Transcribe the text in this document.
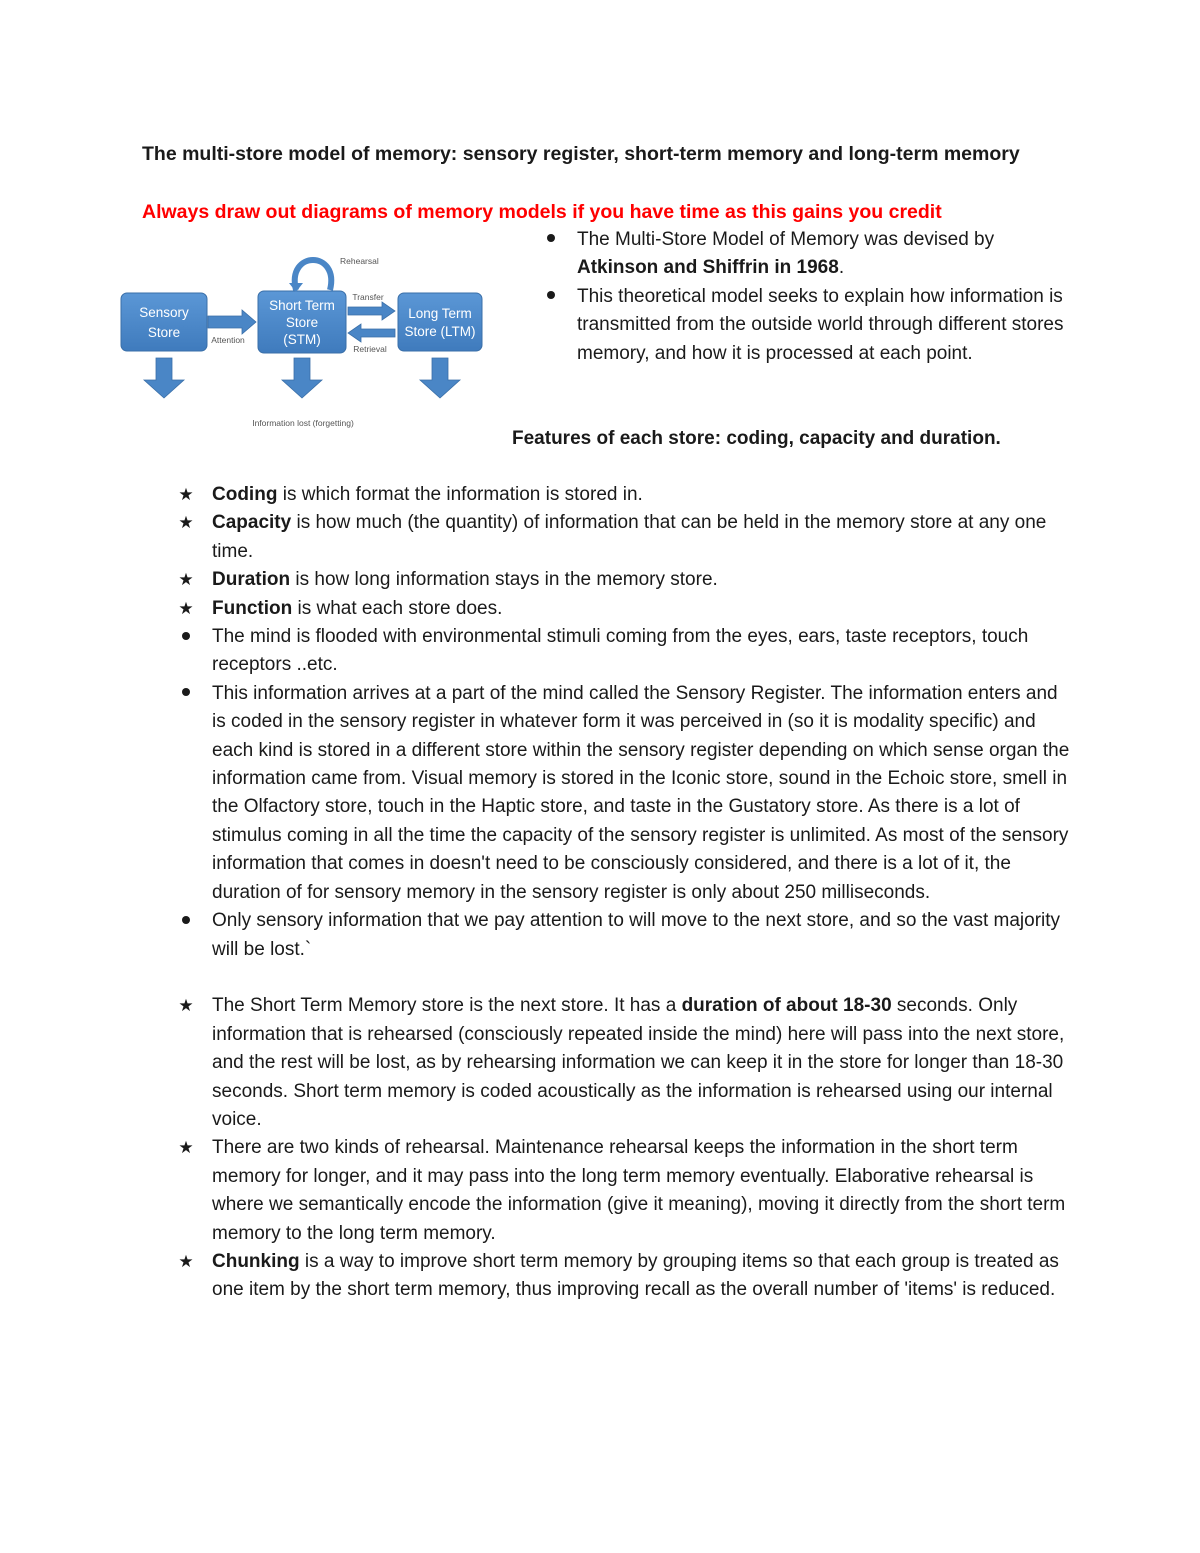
The multi-store model of memory: sensory register, short-term memory and long-term memory

Always draw out diagrams of memory models if you have time as this gains you credit

Sensory
Store
Short Term
Store
(STM)
Long Term
Store (LTM)
Attention
Transfer
Retrieval
Rehearsal
Information lost (forgetting)
The Multi-Store Model of Memory was devised by Atkinson and Shiffrin in 1968.
This theoretical model seeks to explain how information is transmitted from the outside world through different stores memory, and how it is processed at each point.

Features of each store: coding, capacity and duration.

★ Coding is which format the information is stored in.
★ Capacity is how much (the quantity) of information that can be held in the memory store at any one time.
★ Duration is how long information stays in the memory store.
★ Function is what each store does.
The mind is flooded with environmental stimuli coming from the eyes, ears, taste receptors, touch receptors ..etc.
This information arrives at a part of the mind called the Sensory Register. The information enters and is coded in the sensory register in whatever form it was perceived in (so it is modality specific) and each kind is stored in a different store within the sensory register depending on which sense organ the information came from. Visual memory is stored in the Iconic store, sound in the Echoic store, smell in the Olfactory store, touch in the Haptic store, and taste in the Gustatory store. As there is a lot of stimulus coming in all the time the capacity of the sensory register is unlimited. As most of the sensory information that comes in doesn't need to be consciously considered, and there is a lot of it, the duration of for sensory memory in the sensory register is only about 250 milliseconds.
Only sensory information that we pay attention to will move to the next store, and so the vast majority will be lost.`
★ The Short Term Memory store is the next store. It has a duration of about 18-30 seconds. Only information that is rehearsed (consciously repeated inside the mind) here will pass into the next store, and the rest will be lost, as by rehearsing information we can keep it in the store for longer than 18-30 seconds. Short term memory is coded acoustically as the information is rehearsed using our internal voice.
★ There are two kinds of rehearsal. Maintenance rehearsal keeps the information in the short term memory for longer, and it may pass into the long term memory eventually. Elaborative rehearsal is where we semantically encode the information (give it meaning), moving it directly from the short term memory to the long term memory.
★ Chunking is a way to improve short term memory by grouping items so that each group is treated as one item by the short term memory, thus improving recall as the overall number of 'items' is reduced.
